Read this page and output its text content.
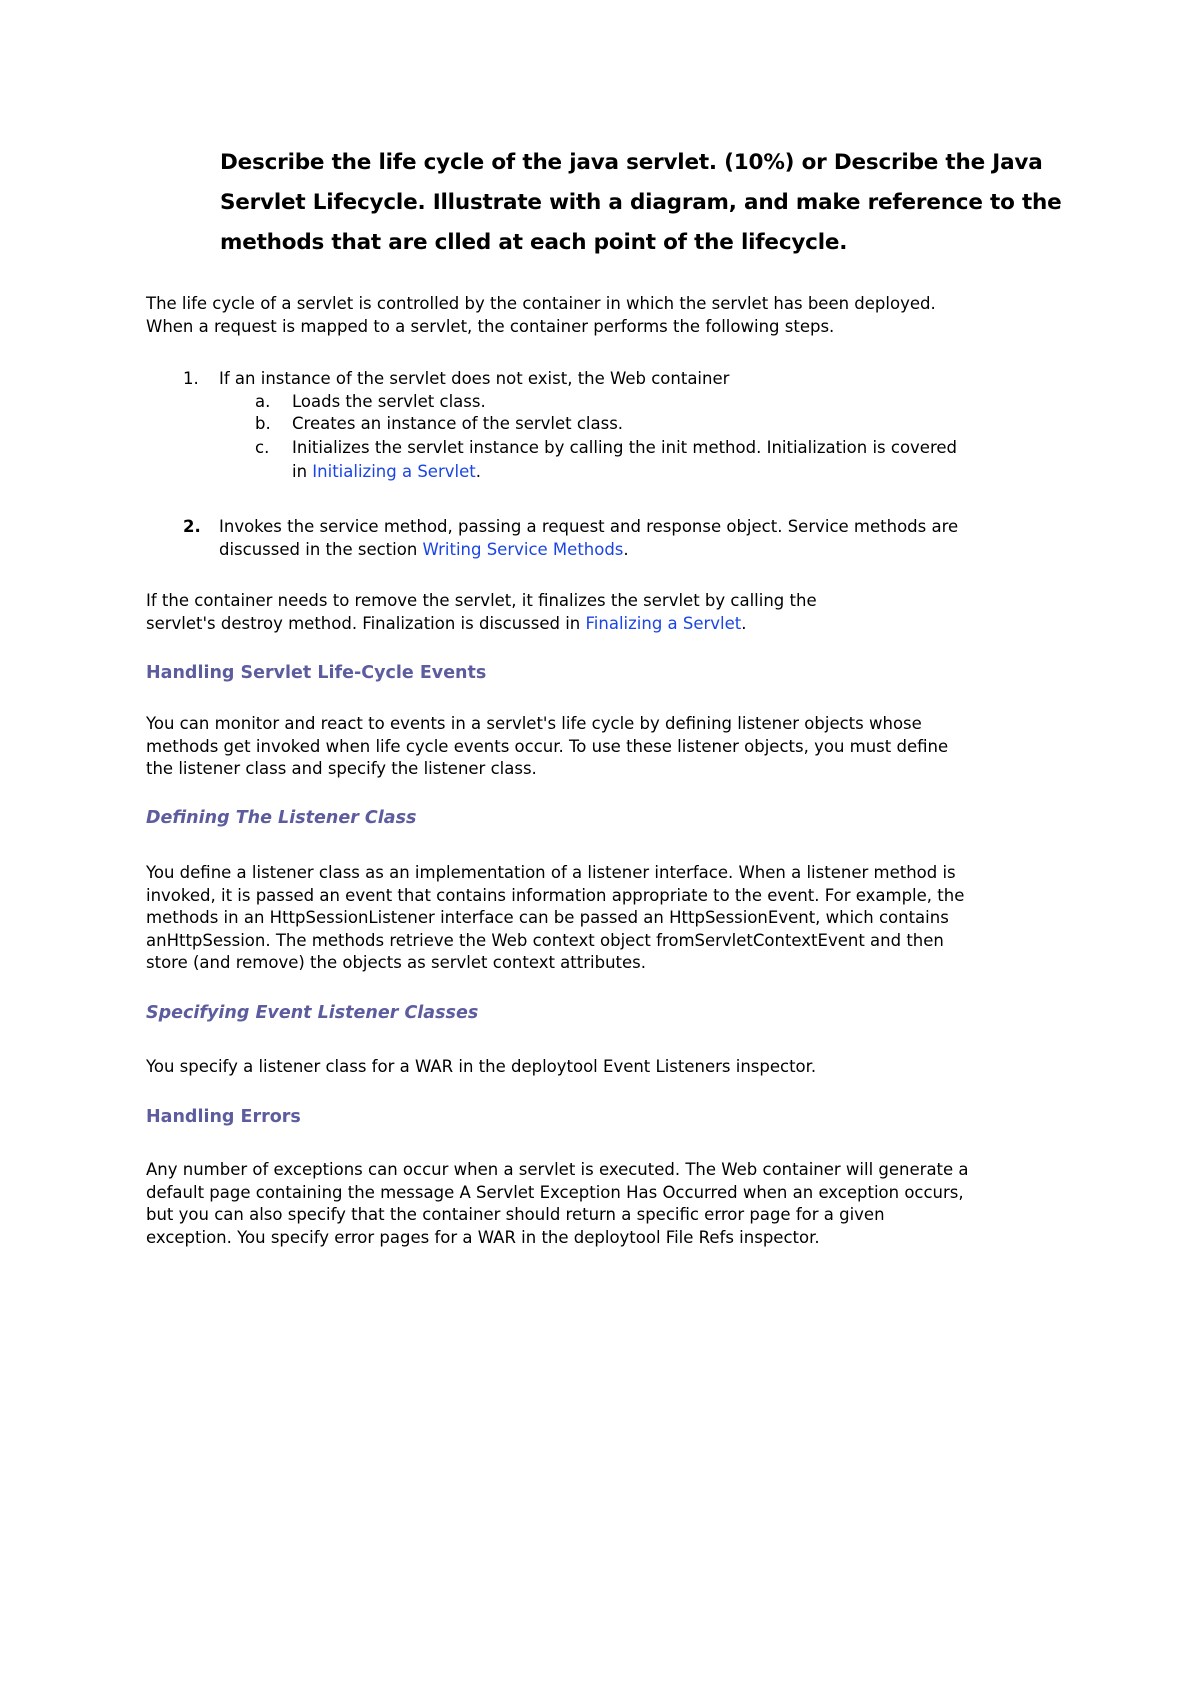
Describe the life cycle of the java servlet. (10%) or Describe the Java
Servlet Lifecycle. Illustrate with a diagram, and make reference to the
methods that are clled at each point of the lifecycle.
The life cycle of a servlet is controlled by the container in which the servlet has been deployed.
When a request is mapped to a servlet, the container performs the following steps.
1. If an instance of the servlet does not exist, the Web container
a. Loads the servlet class.
b. Creates an instance of the servlet class.
c. Initializes the servlet instance by calling the init method. Initialization is covered
in Initializing a Servlet.
2. Invokes the service method, passing a request and response object. Service methods are
discussed in the section Writing Service Methods.
If the container needs to remove the servlet, it finalizes the servlet by calling the
servlet's destroy method. Finalization is discussed in Finalizing a Servlet.
Handling Servlet Life-Cycle Events
You can monitor and react to events in a servlet's life cycle by defining listener objects whose
methods get invoked when life cycle events occur. To use these listener objects, you must define
the listener class and specify the listener class.
Defining The Listener Class
You define a listener class as an implementation of a listener interface. When a listener method is
invoked, it is passed an event that contains information appropriate to the event. For example, the
methods in an HttpSessionListener interface can be passed an HttpSessionEvent, which contains
anHttpSession. The methods retrieve the Web context object fromServletContextEvent and then
store (and remove) the objects as servlet context attributes.
Specifying Event Listener Classes
You specify a listener class for a WAR in the deploytool Event Listeners inspector.
Handling Errors
Any number of exceptions can occur when a servlet is executed. The Web container will generate a
default page containing the message A Servlet Exception Has Occurred when an exception occurs,
but you can also specify that the container should return a specific error page for a given
exception. You specify error pages for a WAR in the deploytool File Refs inspector.
